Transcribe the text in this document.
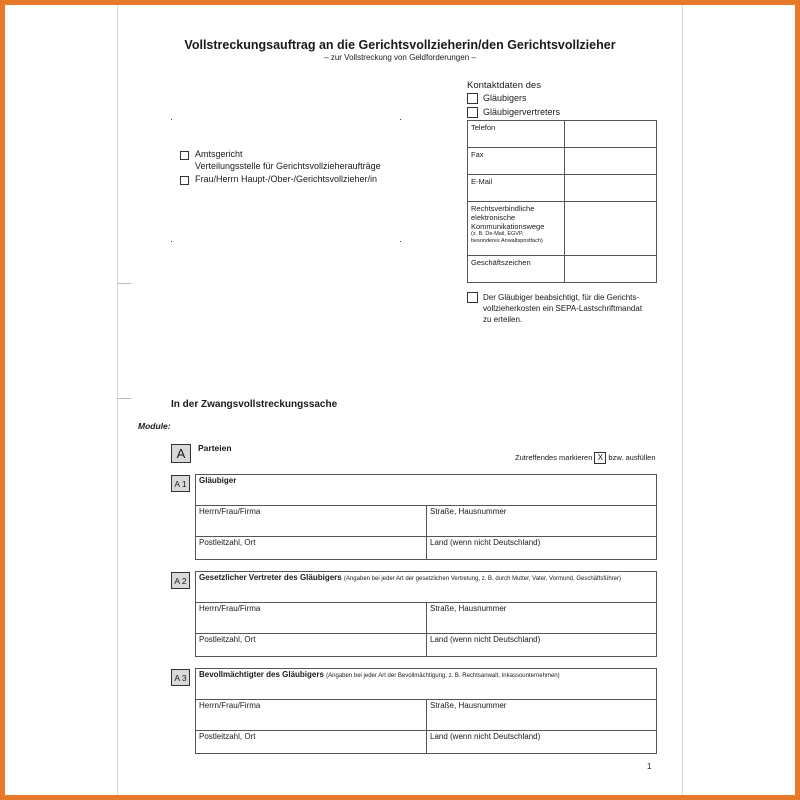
Vollstreckungsauftrag an die Gerichtsvollzieherin/den Gerichtsvollzieher
– zur Vollstreckung von Geldforderungen –
·	·
·	·
Amtsgericht
Verteilungsstelle für Gerichtsvollzieheraufträge
Frau/Herrn Haupt-/Ober-/Gerichtsvollzieher/in
Kontaktdaten des
Gläubigers
Gläubigervertreters
Telefon	
Fax	
E-Mail	

Rechtsverbindliche
elektronische
Kommunikationswege
(z. B. De-Mail, EGVP,
besonderes Anwaltspostfach)	

Geschäftszeichen	
Der Gläubiger beabsichtigt, für die Gerichts-
vollzieherkosten ein SEPA-Lastschriftmandat
zu erteilen.
In der Zwangsvollstreckungssache
Module:
A	Parteien
Zutreffendes markieren X bzw. ausfüllen
A 1	Gläubiger
Herrn/Frau/Firma	Straße, Hausnummer
Postleitzahl, Ort	Land (wenn nicht Deutschland)
A 2	Gesetzlicher Vertreter des Gläubigers (Angaben bei jeder Art der gesetzlichen Vertretung, z. B. durch Mutter, Vater, Vormund, Geschäftsführer)
Herrn/Frau/Firma	Straße, Hausnummer
Postleitzahl, Ort	Land (wenn nicht Deutschland)
A 3	Bevollmächtigter des Gläubigers (Angaben bei jeder Art der Bevollmächtigung, z. B. Rechtsanwalt, Inkassounternehmen)
Herrn/Frau/Firma	Straße, Hausnummer
Postleitzahl, Ort	Land (wenn nicht Deutschland)
1
